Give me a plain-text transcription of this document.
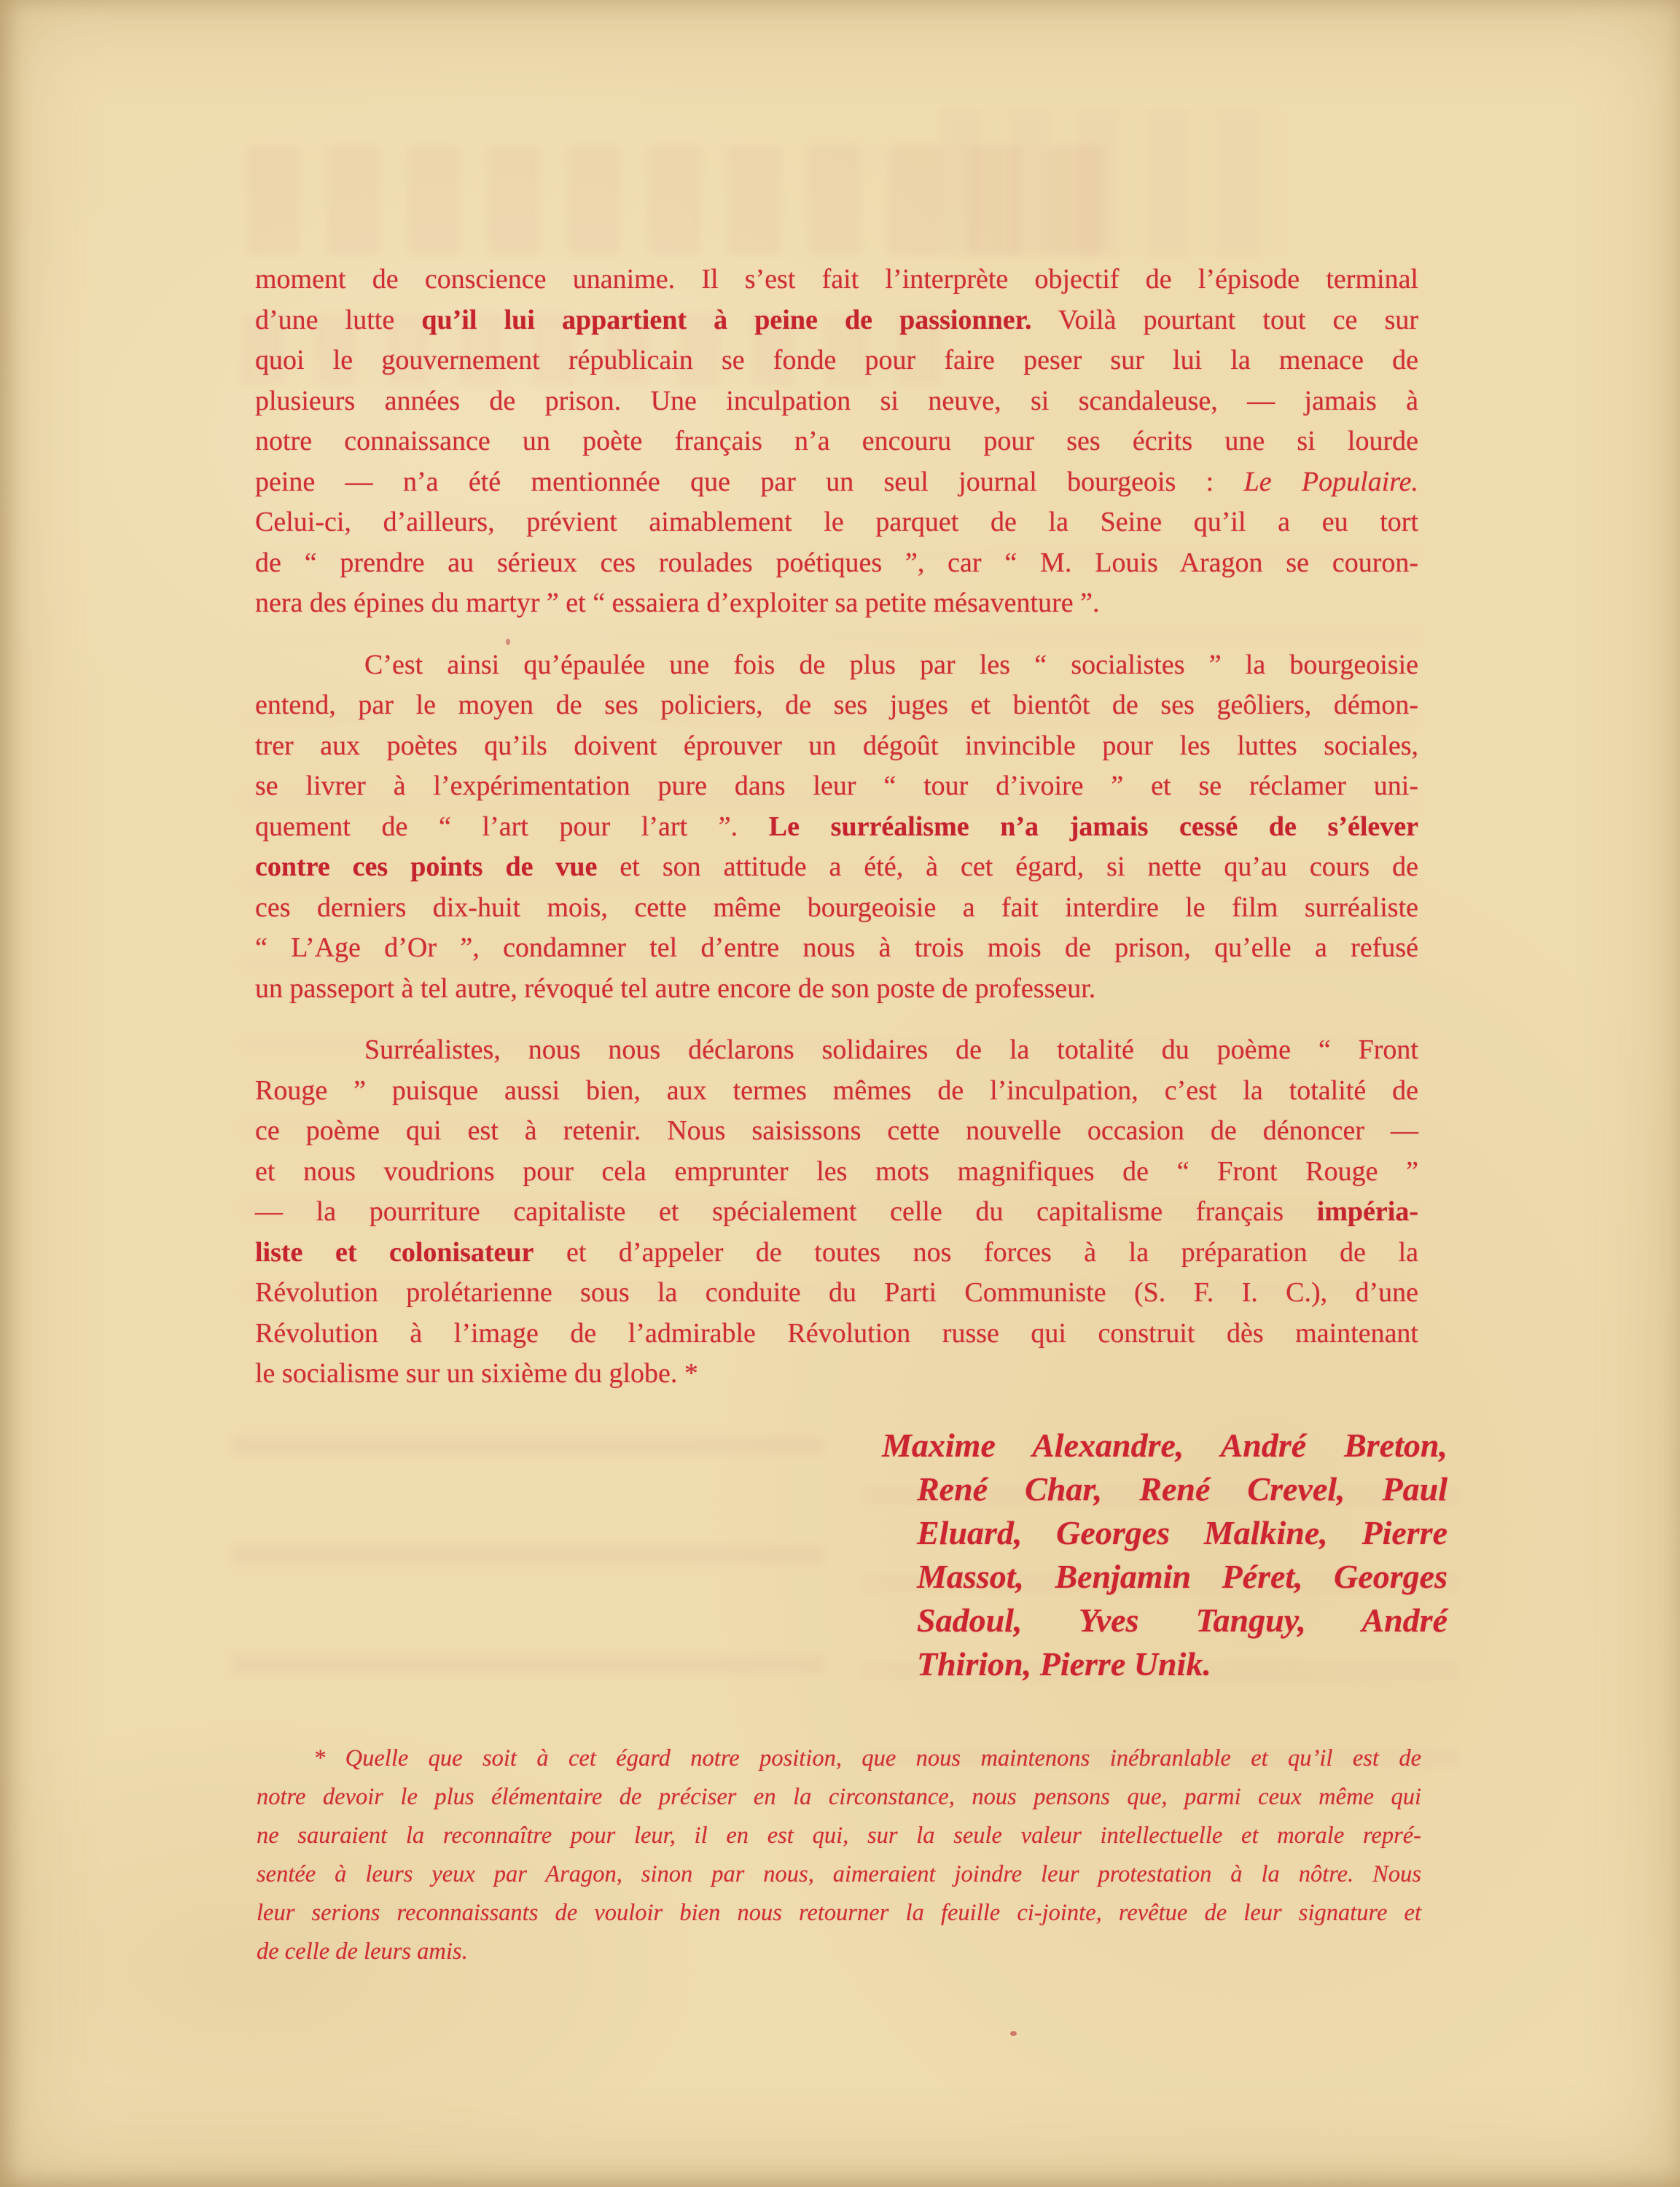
moment de conscience unanime. Il s’est fait l’interprète objectif de l’épisode terminal
d’une lutte qu’il lui appartient à peine de passionner. Voilà pourtant tout ce sur
quoi le gouvernement républicain se fonde pour faire peser sur lui la menace de
plusieurs années de prison. Une inculpation si neuve, si scandaleuse, — jamais à
notre connaissance un poète français n’a encouru pour ses écrits une si lourde
peine — n’a été mentionnée que par un seul journal bourgeois : Le Populaire.
Celui-ci, d’ailleurs, prévient aimablement le parquet de la Seine qu’il a eu tort
de “ prendre au sérieux ces roulades poétiques ”, car “ M. Louis Aragon se couron-
nera des épines du martyr ” et “ essaiera d’exploiter sa petite mésaventure ”.
C’est ainsi qu’épaulée une fois de plus par les “ socialistes ” la bourgeoisie
entend, par le moyen de ses policiers, de ses juges et bientôt de ses geôliers, démon-
trer aux poètes qu’ils doivent éprouver un dégoût invincible pour les luttes sociales,
se livrer à l’expérimentation pure dans leur “ tour d’ivoire ” et se réclamer uni-
quement de “ l’art pour l’art ”. Le surréalisme n’a jamais cessé de s’élever
contre ces points de vue et son attitude a été, à cet égard, si nette qu’au cours de
ces derniers dix-huit mois, cette même bourgeoisie a fait interdire le film surréaliste
“ L’Age d’Or ”, condamner tel d’entre nous à trois mois de prison, qu’elle a refusé
un passeport à tel autre, révoqué tel autre encore de son poste de professeur.
Surréalistes, nous nous déclarons solidaires de la totalité du poème “ Front
Rouge ” puisque aussi bien, aux termes mêmes de l’inculpation, c’est la totalité de
ce poème qui est à retenir. Nous saisissons cette nouvelle occasion de dénoncer —
et nous voudrions pour cela emprunter les mots magnifiques de “ Front Rouge ”
— la pourriture capitaliste et spécialement celle du capitalisme français impéria-
liste et colonisateur et d’appeler de toutes nos forces à la préparation de la
Révolution prolétarienne sous la conduite du Parti Communiste (S. F. I. C.), d’une
Révolution à l’image de l’admirable Révolution russe qui construit dès maintenant
le socialisme sur un sixième du globe. *
Maxime Alexandre, André Breton,
René Char, René Crevel, Paul
Eluard, Georges Malkine, Pierre
Massot, Benjamin Péret, Georges
Sadoul, Yves Tanguy, André
Thirion, Pierre Unik.
* Quelle que soit à cet égard notre position, que nous maintenons inébranlable et qu’il est de
notre devoir le plus élémentaire de préciser en la circonstance, nous pensons que, parmi ceux même qui
ne sauraient la reconnaître pour leur, il en est qui, sur la seule valeur intellectuelle et morale repré-
sentée à leurs yeux par Aragon, sinon par nous, aimeraient joindre leur protestation à la nôtre. Nous
leur serions reconnaissants de vouloir bien nous retourner la feuille ci-jointe, revêtue de leur signature et
de celle de leurs amis.
